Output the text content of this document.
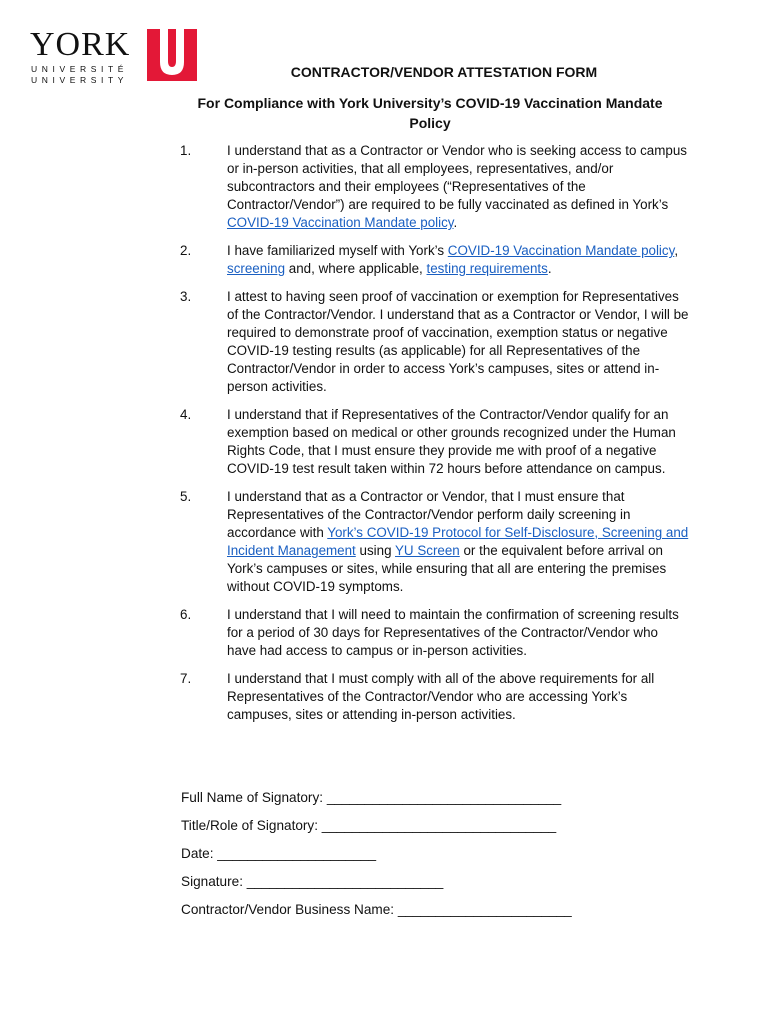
YORK
UNIVERSITÉ
UNIVERSITY	CONTRACTOR/VENDOR ATTESTATION FORM
For Compliance with York University’s COVID-19 Vaccination Mandate Policy
1.	I understand that as a Contractor or Vendor who is seeking access to campus or in-person activities, that all employees, representatives, and/or subcontractors and their employees (“Representatives of the Contractor/Vendor”) are required to be fully vaccinated as defined in York’s COVID-19 Vaccination Mandate policy.
2.	I have familiarized myself with York’s COVID-19 Vaccination Mandate policy, screening and, where applicable, testing requirements.
3.	I attest to having seen proof of vaccination or exemption for Representatives of the Contractor/Vendor. I understand that as a Contractor or Vendor, I will be required to demonstrate proof of vaccination, exemption status or negative COVID-19 testing results (as applicable) for all Representatives of the Contractor/Vendor in order to access York’s campuses, sites or attend in-person activities.
4.	I understand that if Representatives of the Contractor/Vendor qualify for an exemption based on medical or other grounds recognized under the Human Rights Code, that I must ensure they provide me with proof of a negative COVID-19 test result taken within 72 hours before attendance on campus.
5.	I understand that as a Contractor or Vendor, that I must ensure that Representatives of the Contractor/Vendor perform daily screening in accordance with York’s COVID-19 Protocol for Self-Disclosure, Screening and Incident Management using YU Screen or the equivalent before arrival on York’s campuses or sites, while ensuring that all are entering the premises without COVID-19 symptoms.
6.	I understand that I will need to maintain the confirmation of screening results for a period of 30 days for Representatives of the Contractor/Vendor who have had access to campus or in-person activities.
7.	I understand that I must comply with all of the above requirements for all Representatives of the Contractor/Vendor who are accessing York’s campuses, sites or attending in-person activities.
Full Name of Signatory: _______________________________
Title/Role of Signatory: _______________________________
Date: _____________________
Signature: __________________________
Contractor/Vendor Business Name: _______________________
